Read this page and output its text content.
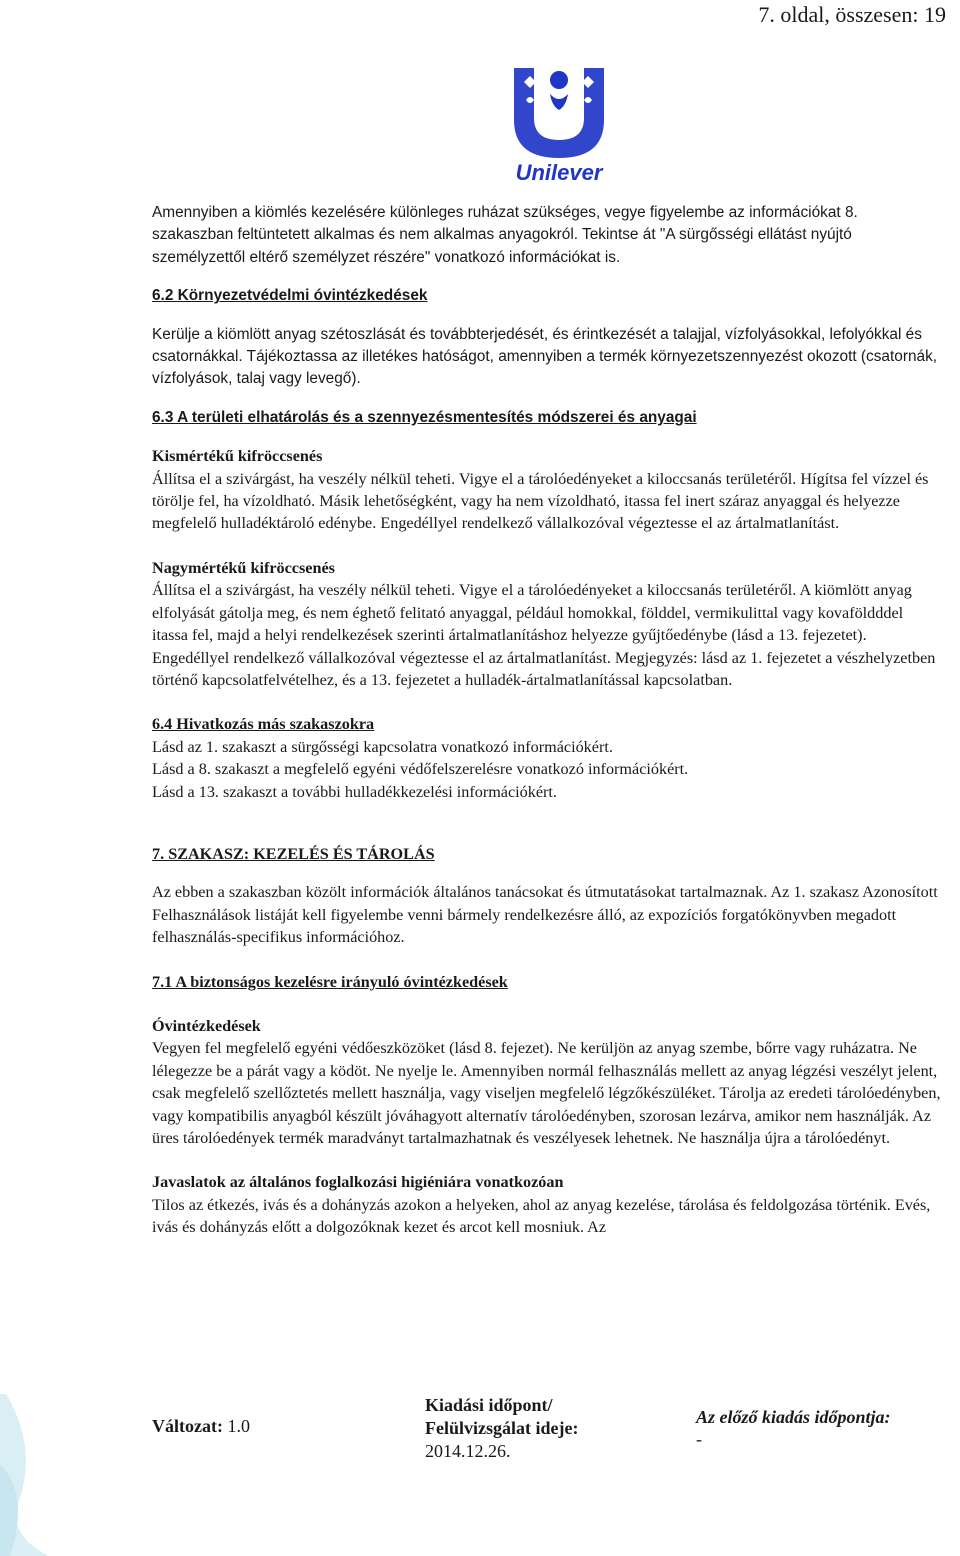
7. oldal, összesen: 19
Unilever

Amennyiben a kiömlés kezelésére különleges ruházat szükséges, vegye figyelembe az információkat 8. szakaszban feltüntetett alkalmas és nem alkalmas anyagokról. Tekintse át "A sürgősségi ellátást nyújtó személyzettől eltérő személyzet részére" vonatkozó információkat is.

6.2 Környezetvédelmi óvintézkedések

Kerülje a kiömlött anyag szétoszlását és továbbterjedését, és érintkezését a talajjal, vízfolyásokkal, lefolyókkal és csatornákkal. Tájékoztassa az illetékes hatóságot, amennyiben a termék környezetszennyezést okozott (csatornák, vízfolyások, talaj vagy levegő).

6.3 A területi elhatárolás és a szennyezésmentesítés módszerei és anyagai

Kismértékű kifröccsenés

Állítsa el a szivárgást, ha veszély nélkül teheti. Vigye el a tárolóedényeket a kiloccsanás területéről. Hígítsa fel vízzel és törölje fel, ha vízoldható. Másik lehetőségként, vagy ha nem vízoldható, itassa fel inert száraz anyaggal és helyezze megfelelő hulladéktároló edénybe. Engedéllyel rendelkező vállalkozóval végeztesse el az ártalmatlanítást.

Nagymértékű kifröccsenés

Állítsa el a szivárgást, ha veszély nélkül teheti. Vigye el a tárolóedényeket a kiloccsanás területéről. A kiömlött anyag elfolyását gátolja meg, és nem éghető felitató anyaggal, például homokkal, földdel, vermikulittal vagy kovaföldddel itassa fel, majd a helyi rendelkezések szerinti ártalmatlanításhoz helyezze gyűjtőedénybe (lásd a 13. fejezetet). Engedéllyel rendelkező vállalkozóval végeztesse el az ártalmatlanítást. Megjegyzés: lásd az 1. fejezetet a vészhelyzetben történő kapcsolatfelvételhez, és a 13. fejezetet a hulladék-ártalmatlanítással kapcsolatban.

6.4 Hivatkozás más szakaszokra

Lásd az 1. szakaszt a sürgősségi kapcsolatra vonatkozó információkért.

Lásd a 8. szakaszt a megfelelő egyéni védőfelszerelésre vonatkozó információkért.

Lásd a 13. szakaszt a további hulladékkezelési információkért.

7. SZAKASZ: KEZELÉS ÉS TÁROLÁS

Az ebben a szakaszban közölt információk általános tanácsokat és útmutatásokat tartalmaznak. Az 1. szakasz Azonosított Felhasználások listáját kell figyelembe venni bármely rendelkezésre álló, az expozíciós forgatókönyvben megadott felhasználás-specifikus információhoz.

7.1 A biztonságos kezelésre irányuló óvintézkedések

Óvintézkedések

Vegyen fel megfelelő egyéni védőeszközöket (lásd 8. fejezet). Ne kerüljön az anyag szembe, bőrre vagy ruházatra. Ne lélegezze be a párát vagy a ködöt. Ne nyelje le. Amennyiben normál felhasználás mellett az anyag légzési veszélyt jelent, csak megfelelő szellőztetés mellett használja, vagy viseljen megfelelő légzőkészüléket. Tárolja az eredeti tárolóedényben, vagy kompatibilis anyagból készült jóváhagyott alternatív tárolóedényben, szorosan lezárva, amikor nem használják. Az üres tárolóedények termék maradványt tartalmazhatnak és veszélyesek lehetnek. Ne használja újra a tárolóedényt.

Javaslatok az általános foglalkozási higiéniára vonatkozóan

Tilos az étkezés, ivás és a dohányzás azokon a helyeken, ahol az anyag kezelése, tárolása és feldolgozása történik. Evés, ivás és dohányzás előtt a dolgozóknak kezet és arcot kell mosniuk. Az

Változat: 1.0
Kiadási időpont/
Felülvizsgálat ideje:
2014.12.26.
Az előző kiadás időpontja:
-
